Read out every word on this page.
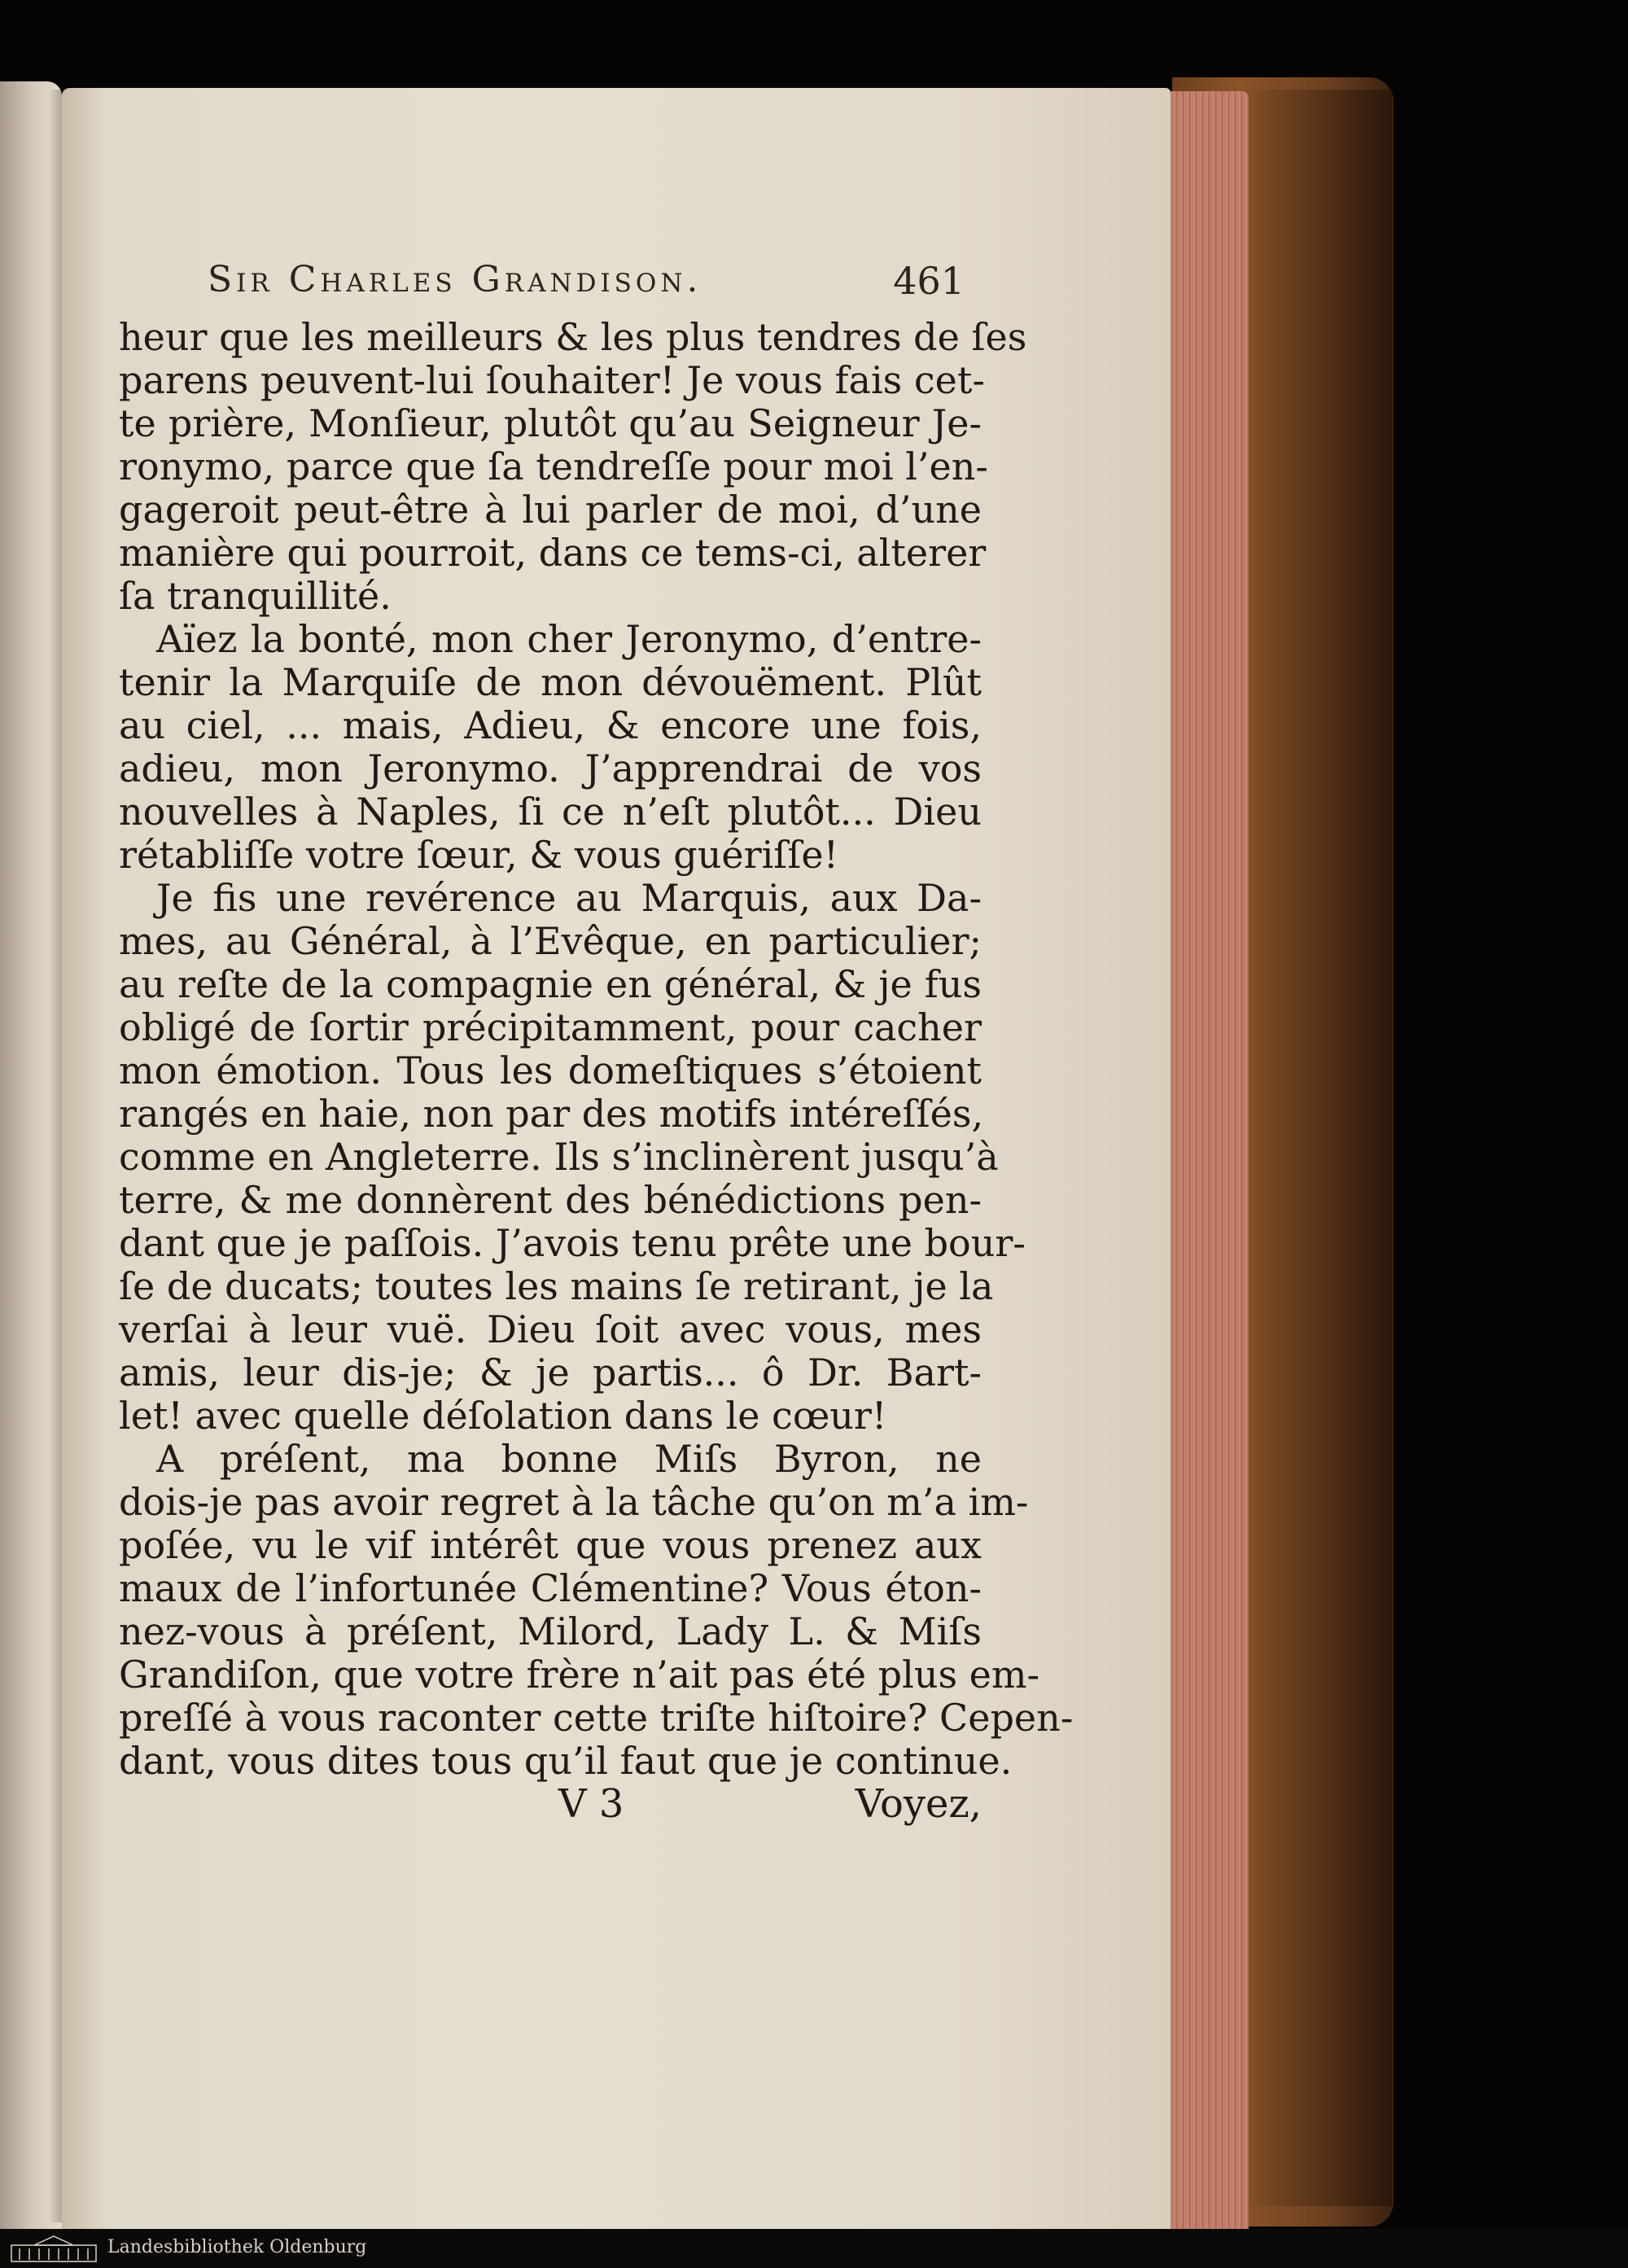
Sir Charles Grandison.	461
heur que les meilleurs & les plus tendres de ſes
parens peuvent-lui ſouhaiter! Je vous fais cet-
te prière, Monſieur, plutôt qu’au Seigneur Je-
ronymo, parce que ſa tendreſſe pour moi l’en-
gageroit peut-être à lui parler de moi, d’une
manière qui pourroit, dans ce tems-ci, alterer
ſa tranquillité.
Aïez la bonté, mon cher Jeronymo, d’entre-
tenir la Marquiſe de mon dévouëment. Plût
au ciel, ... mais, Adieu, & encore une fois,
adieu, mon Jeronymo. J’apprendrai de vos
nouvelles à Naples, ſi ce n’eſt plutôt... Dieu
rétabliſſe votre ſœur, & vous guériſſe!
Je fis une revérence au Marquis, aux Da-
mes, au Général, à l’Evêque, en particulier;
au reſte de la compagnie en général, & je fus
obligé de ſortir précipitamment, pour cacher
mon émotion. Tous les domeſtiques s’étoient
rangés en haie, non par des motifs intéreſſés,
comme en Angleterre. Ils s’inclinèrent jusqu’à
terre, & me donnèrent des bénédictions pen-
dant que je paſſois. J’avois tenu prête une bour-
ſe de ducats; toutes les mains ſe retirant, je la
verſai à leur vuë. Dieu ſoit avec vous, mes
amis, leur dis-je; & je partis... ô Dr. Bart-
let! avec quelle déſolation dans le cœur!
A préſent, ma bonne Miſs Byron, ne
dois-je pas avoir regret à la tâche qu’on m’a im-
poſée, vu le vif intérêt que vous prenez aux
maux de l’infortunée Clémentine? Vous éton-
nez-vous à préſent, Milord, Lady L. & Miſs
Grandiſon, que votre frère n’ait pas été plus em-
preſſé à vous raconter cette triſte hiſtoire? Cepen-
dant, vous dites tous qu’il faut que je continue.
V 3	Voyez,
Landesbibliothek Oldenburg
